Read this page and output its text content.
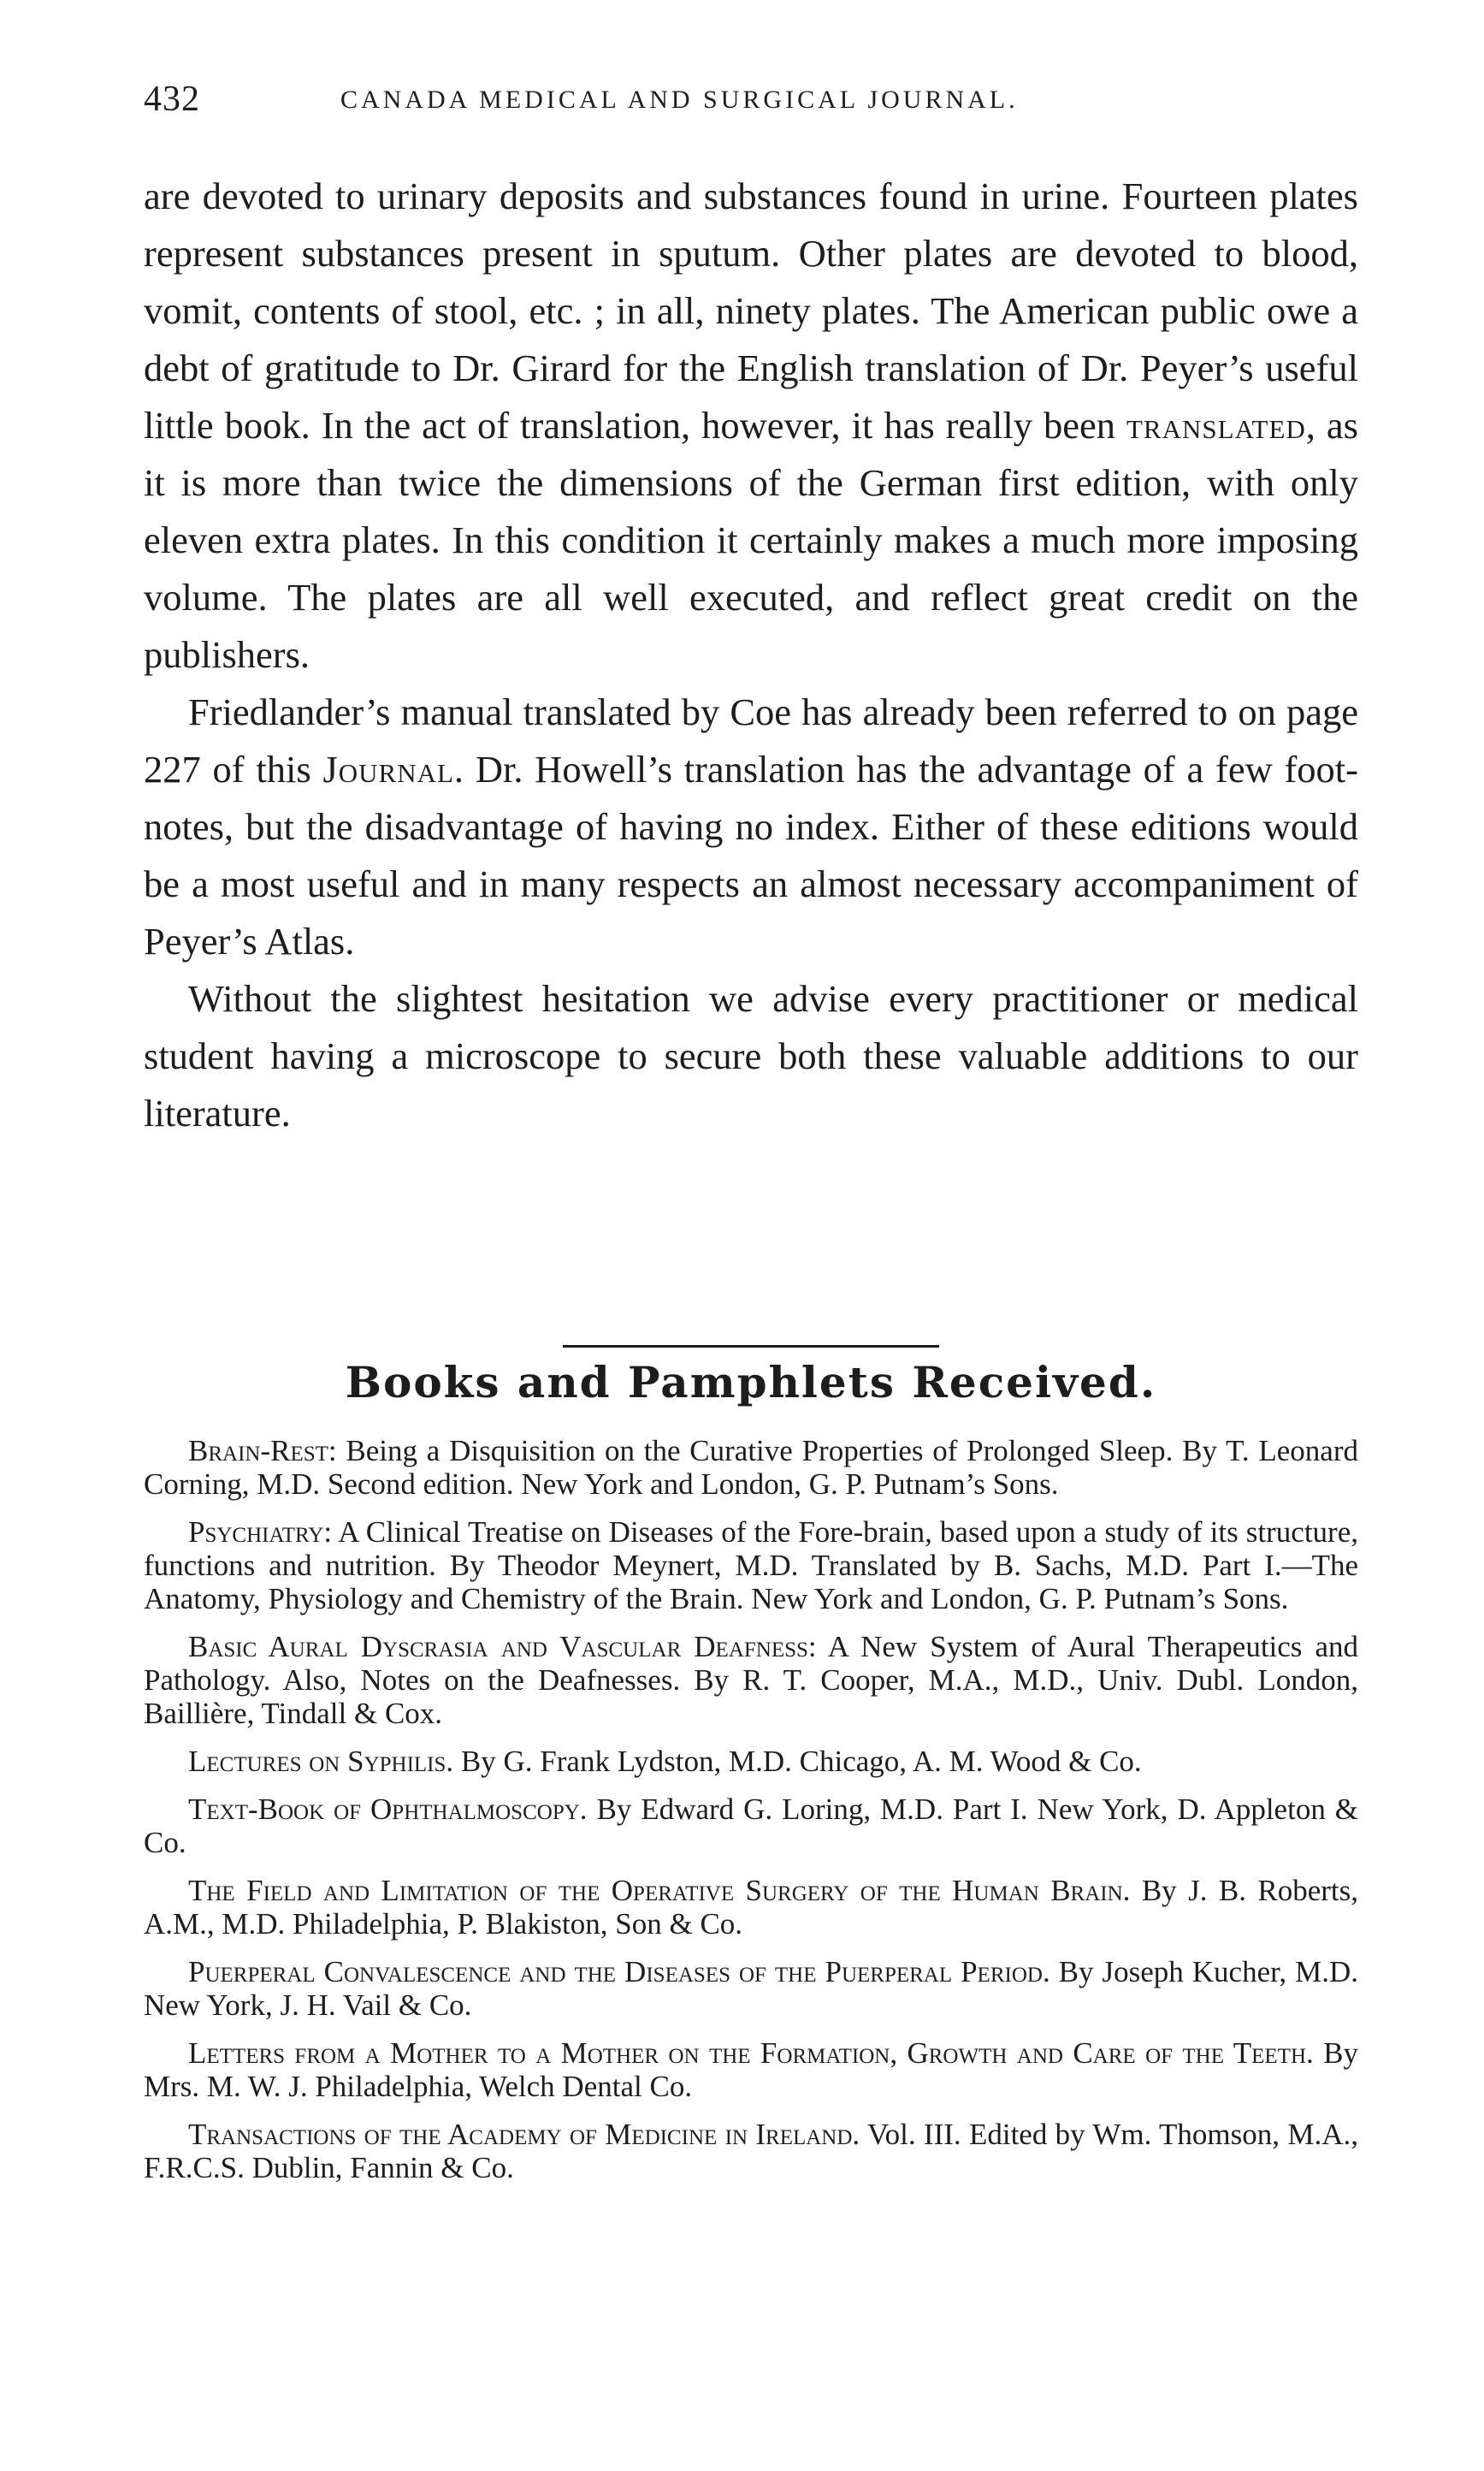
432	CANADA MEDICAL AND SURGICAL JOURNAL.

are devoted to urinary deposits and substances found in urine. Fourteen plates represent substances present in sputum. Other plates are devoted to blood, vomit, contents of stool, etc. ; in all, ninety plates. The American public owe a debt of gratitude to Dr. Girard for the English translation of Dr. Peyer’s useful little book. In the act of translation, however, it has really been translated, as it is more than twice the dimensions of the German first edition, with only eleven extra plates. In this condition it certainly makes a much more imposing volume. The plates are all well executed, and reflect great credit on the publishers.

Friedlander’s manual translated by Coe has already been referred to on page 227 of this Journal. Dr. Howell’s translation has the advantage of a few foot-notes, but the disadvantage of having no index. Either of these editions would be a most useful and in many respects an almost necessary accompaniment of Peyer’s Atlas.

Without the slightest hesitation we advise every practitioner or medical student having a microscope to secure both these valuable additions to our literature.

Books and Pamphlets Received.

Brain-Rest: Being a Disquisition on the Curative Properties of Prolonged Sleep. By T. Leonard Corning, M.D. Second edition. New York and London, G. P. Putnam’s Sons.

Psychiatry: A Clinical Treatise on Diseases of the Fore-brain, based upon a study of its structure, functions and nutrition. By Theodor Meynert, M.D. Translated by B. Sachs, M.D. Part I.—The Anatomy, Physiology and Chemistry of the Brain. New York and London, G. P. Putnam’s Sons.

Basic Aural Dyscrasia and Vascular Deafness: A New System of Aural Therapeutics and Pathology. Also, Notes on the Deafnesses. By R. T. Cooper, M.A., M.D., Univ. Dubl. London, Baillière, Tindall & Cox.

Lectures on Syphilis. By G. Frank Lydston, M.D. Chicago, A. M. Wood & Co.

Text-Book of Ophthalmoscopy. By Edward G. Loring, M.D. Part I. New York, D. Appleton & Co.

The Field and Limitation of the Operative Surgery of the Human Brain. By J. B. Roberts, A.M., M.D. Philadelphia, P. Blakiston, Son & Co.

Puerperal Convalescence and the Diseases of the Puerperal Period. By Joseph Kucher, M.D. New York, J. H. Vail & Co.

Letters from a Mother to a Mother on the Formation, Growth and Care of the Teeth. By Mrs. M. W. J. Philadelphia, Welch Dental Co.

Transactions of the Academy of Medicine in Ireland. Vol. III. Edited by Wm. Thomson, M.A., F.R.C.S. Dublin, Fannin & Co.
